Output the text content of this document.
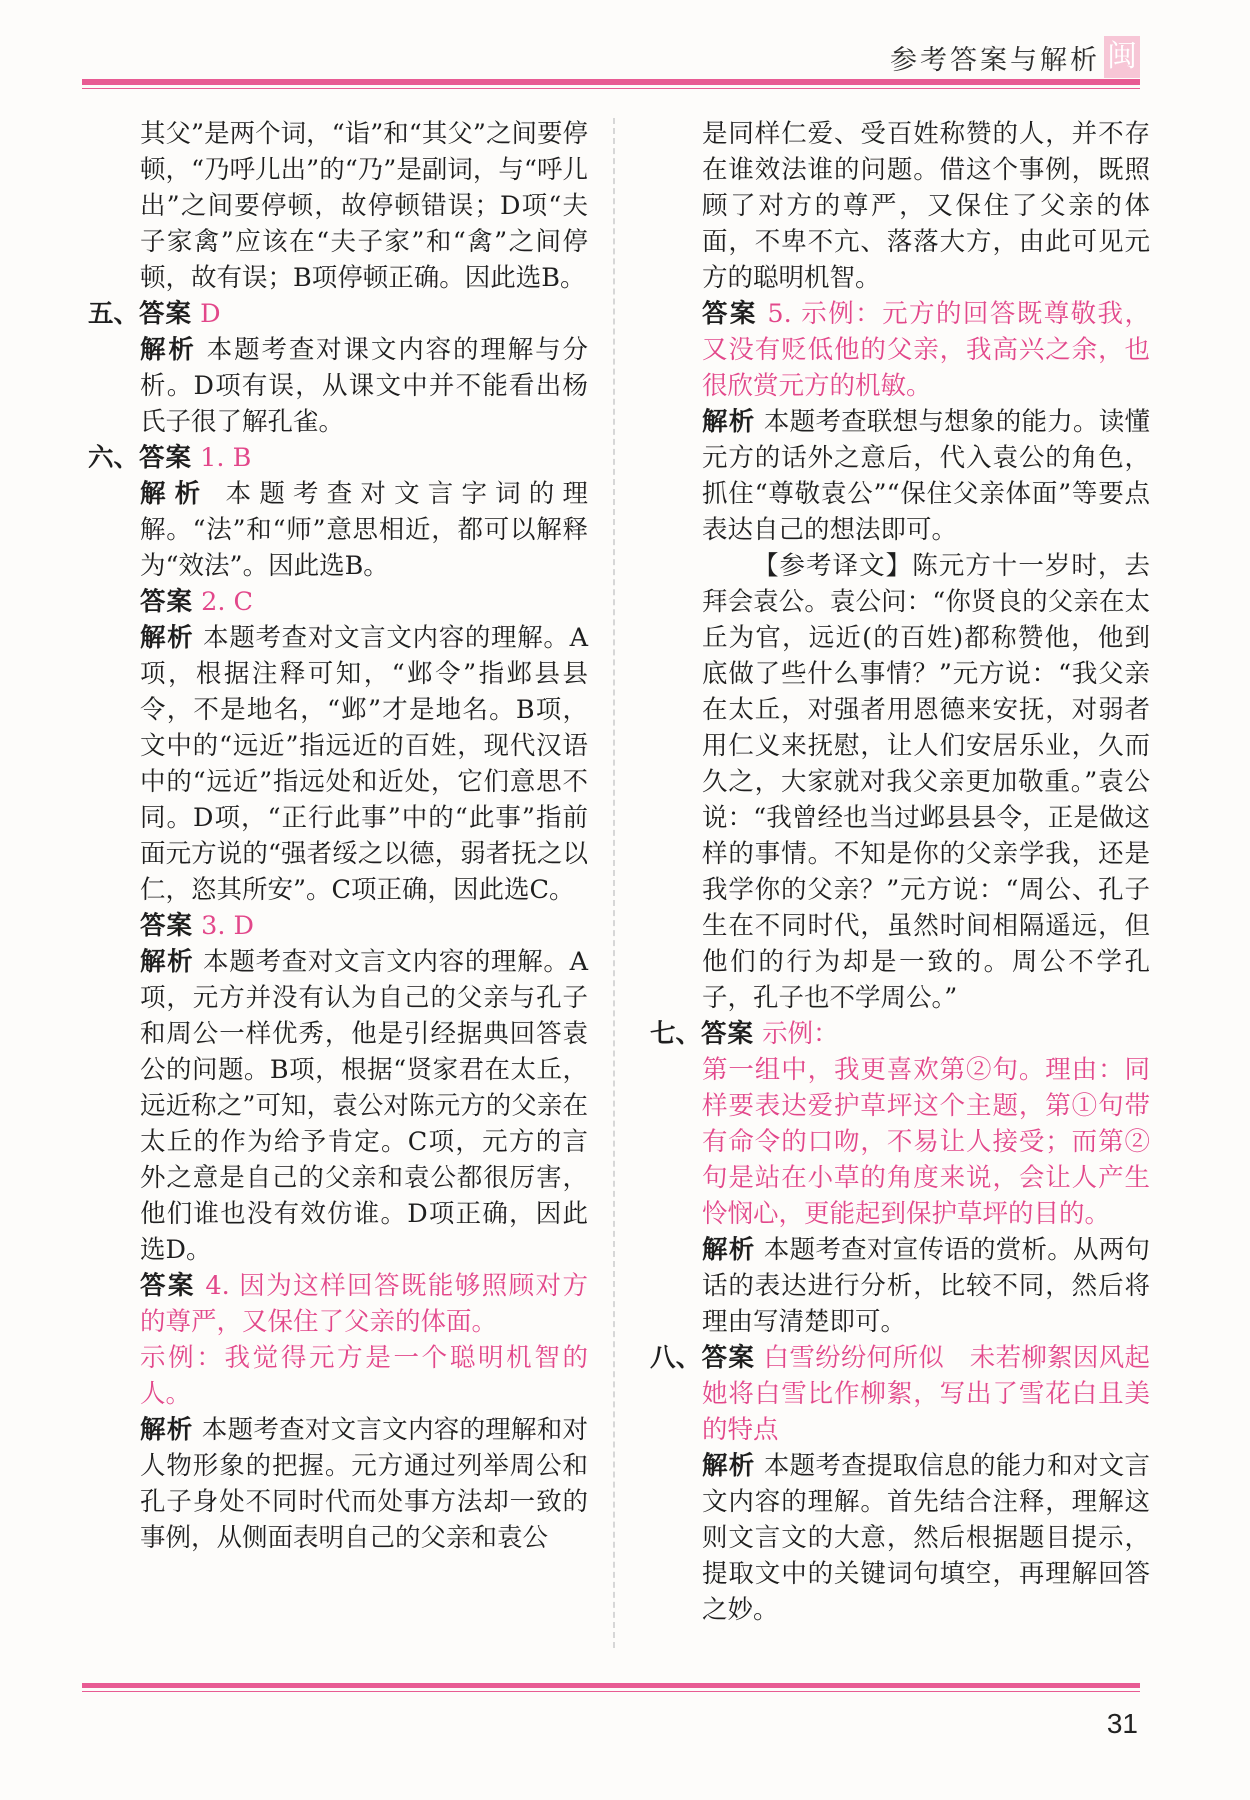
参考答案与解析 闽

其父”是两个词，“诣”和“其父”之间要停顿，“乃呼儿出”的“乃”是副词，与“呼儿出”之间要停顿，故停顿错误；D项“夫子家禽”应该在“夫子家”和“禽”之间停顿，故有误；B项停顿正确。因此选B。

五、答案 D

解析 本题考查对课文内容的理解与分析。D项有误，从课文中并不能看出杨氏子很了解孔雀。

六、答案 1. B

解析 本题考查对文言字词的理解。“法”和“师”意思相近，都可以解释为“效法”。因此选B。

答案 2. C

解析 本题考查对文言文内容的理解。A项，根据注释可知，“邺令”指邺县县令，不是地名，“邺”才是地名。B项，文中的“远近”指远近的百姓，现代汉语中的“远近”指远处和近处，它们意思不同。D项，“正行此事”中的“此事”指前面元方说的“强者绥之以德，弱者抚之以仁，恣其所安”。C项正确，因此选C。

答案 3. D

解析 本题考查对文言文内容的理解。A项，元方并没有认为自己的父亲与孔子和周公一样优秀，他是引经据典回答袁公的问题。B项，根据“贤家君在太丘，远近称之”可知，袁公对陈元方的父亲在太丘的作为给予肯定。C项，元方的言外之意是自己的父亲和袁公都很厉害，他们谁也没有效仿谁。D项正确，因此选D。

答案 4. 因为这样回答既能够照顾对方的尊严，又保住了父亲的体面。

示例：我觉得元方是一个聪明机智的人。

解析 本题考查对文言文内容的理解和对人物形象的把握。元方通过列举周公和孔子身处不同时代而处事方法却一致的事例，从侧面表明自己的父亲和袁公

是同样仁爱、受百姓称赞的人，并不存在谁效法谁的问题。借这个事例，既照顾了对方的尊严，又保住了父亲的体面，不卑不亢、落落大方，由此可见元方的聪明机智。

答案 5. 示例：元方的回答既尊敬我，又没有贬低他的父亲，我高兴之余，也很欣赏元方的机敏。

解析 本题考查联想与想象的能力。读懂元方的话外之意后，代入袁公的角色，抓住“尊敬袁公”“保住父亲体面”等要点表达自己的想法即可。

【参考译文】陈元方十一岁时，去拜会袁公。袁公问：“你贤良的父亲在太丘为官，远近(的百姓)都称赞他，他到底做了些什么事情？”元方说：“我父亲在太丘，对强者用恩德来安抚，对弱者用仁义来抚慰，让人们安居乐业，久而久之，大家就对我父亲更加敬重。”袁公说：“我曾经也当过邺县县令，正是做这样的事情。不知是你的父亲学我，还是我学你的父亲？”元方说：“周公、孔子生在不同时代，虽然时间相隔遥远，但他们的行为却是一致的。周公不学孔子，孔子也不学周公。”

七、答案 示例：

第一组中，我更喜欢第②句。理由：同样要表达爱护草坪这个主题，第①句带有命令的口吻，不易让人接受；而第②句是站在小草的角度来说，会让人产生怜悯心，更能起到保护草坪的目的。

解析 本题考查对宣传语的赏析。从两句话的表达进行分析，比较不同，然后将理由写清楚即可。

八、答案 白雪纷纷何所似　未若柳絮因风起　她将白雪比作柳絮，写出了雪花白且美的特点

解析 本题考查提取信息的能力和对文言文内容的理解。首先结合注释，理解这则文言文的大意，然后根据题目提示，提取文中的关键词句填空，再理解回答之妙。

31
